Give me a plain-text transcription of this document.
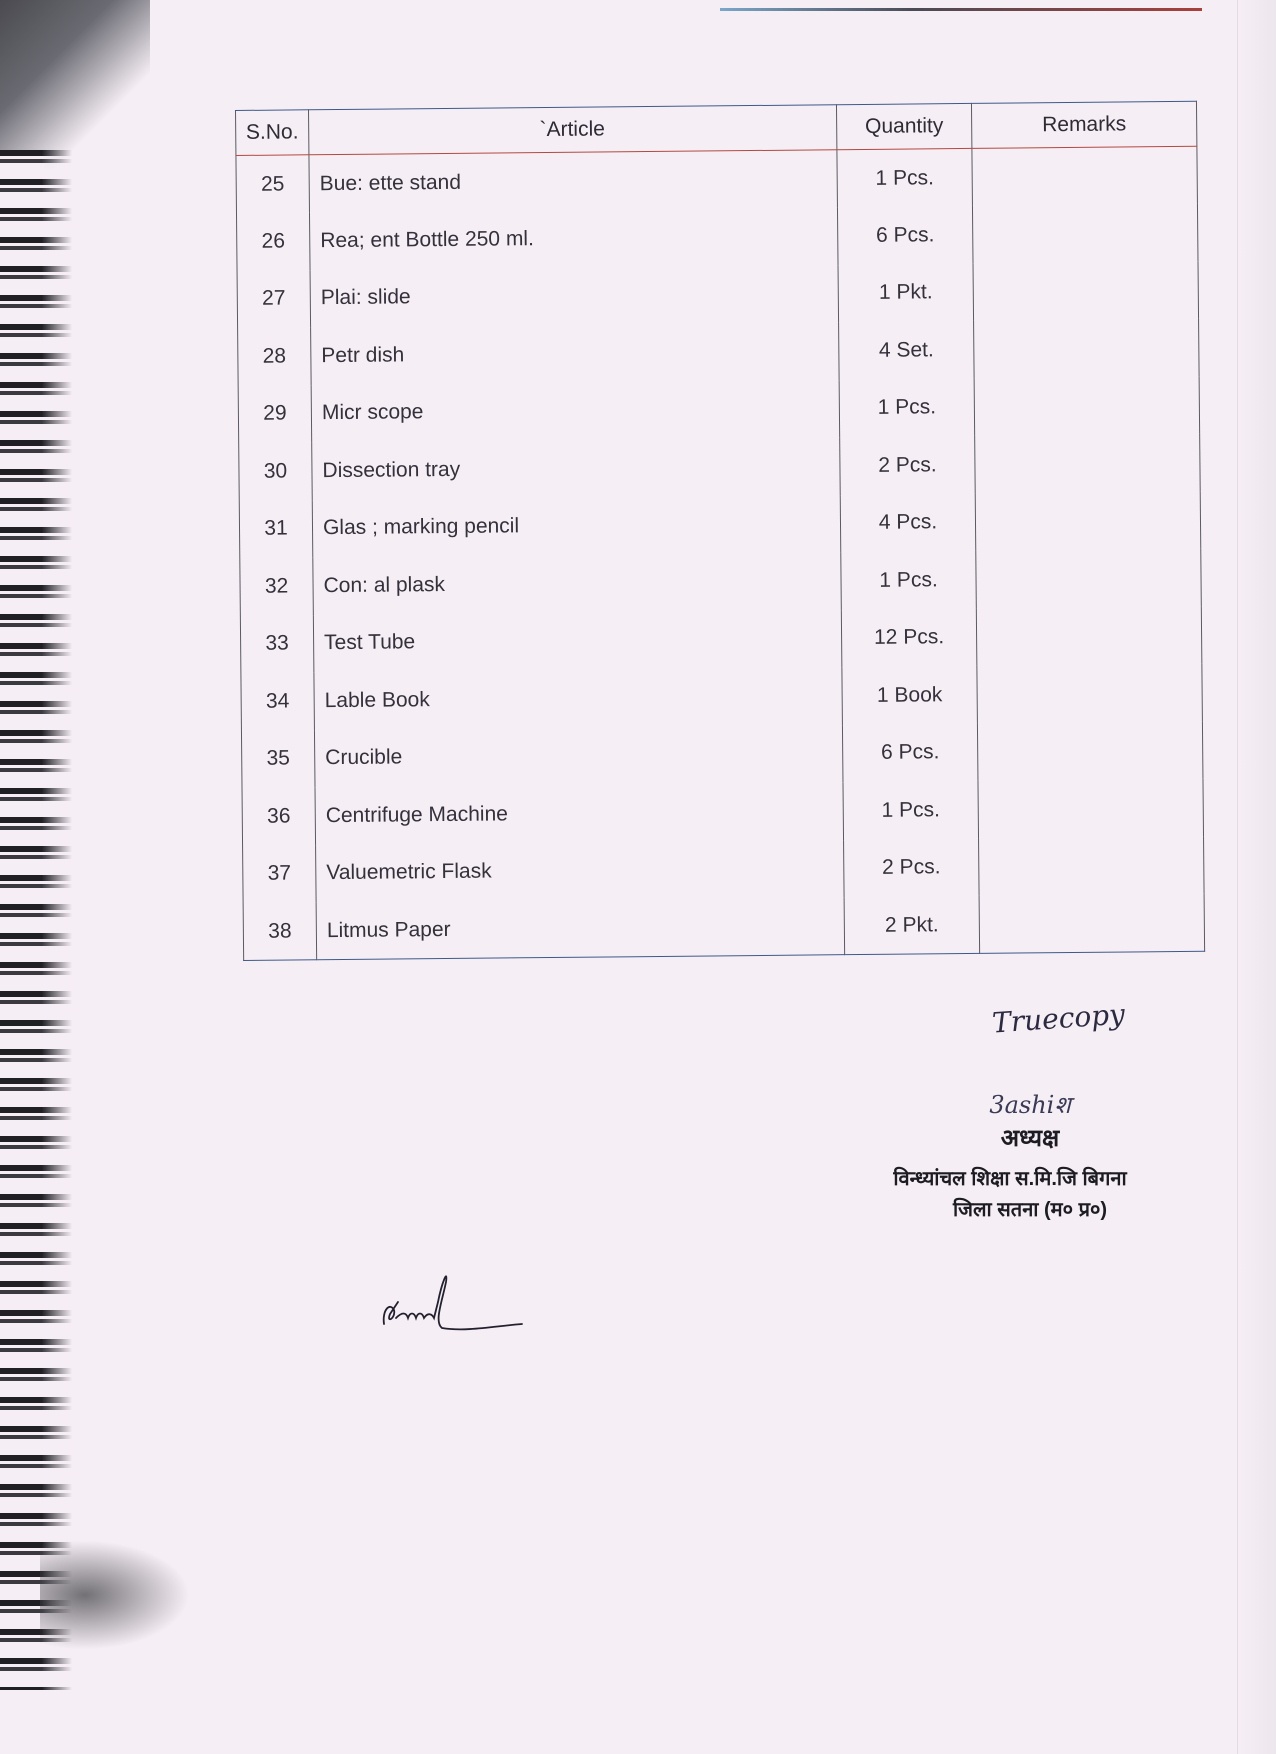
S.No.	`Article	Quantity	Remarks
25	Bue: ette stand	1 Pcs.	
26	Rea; ent Bottle 250 ml.	6 Pcs.	
27	Plai: slide	1 Pkt.	
28	Petr dish	4 Set.	
29	Micr scope	1 Pcs.	
30	Dissection tray	2 Pcs.	
31	Glas ; marking pencil	4 Pcs.	
32	Con: al plask	1 Pcs.	
33	Test Tube	12 Pcs.	
34	Lable Book	1 Book	
35	Crucible	6 Pcs.	
36	Centrifuge Machine	1 Pcs.	
37	Valuemetric Flask	2 Pcs.	
38	Litmus Paper	2 Pkt.	
Truecopy
3ashiश
अध्यक्ष
विन्ध्यांचल शिक्षा स.मि.जि बिगना
जिला सतना (म० प्र०)
